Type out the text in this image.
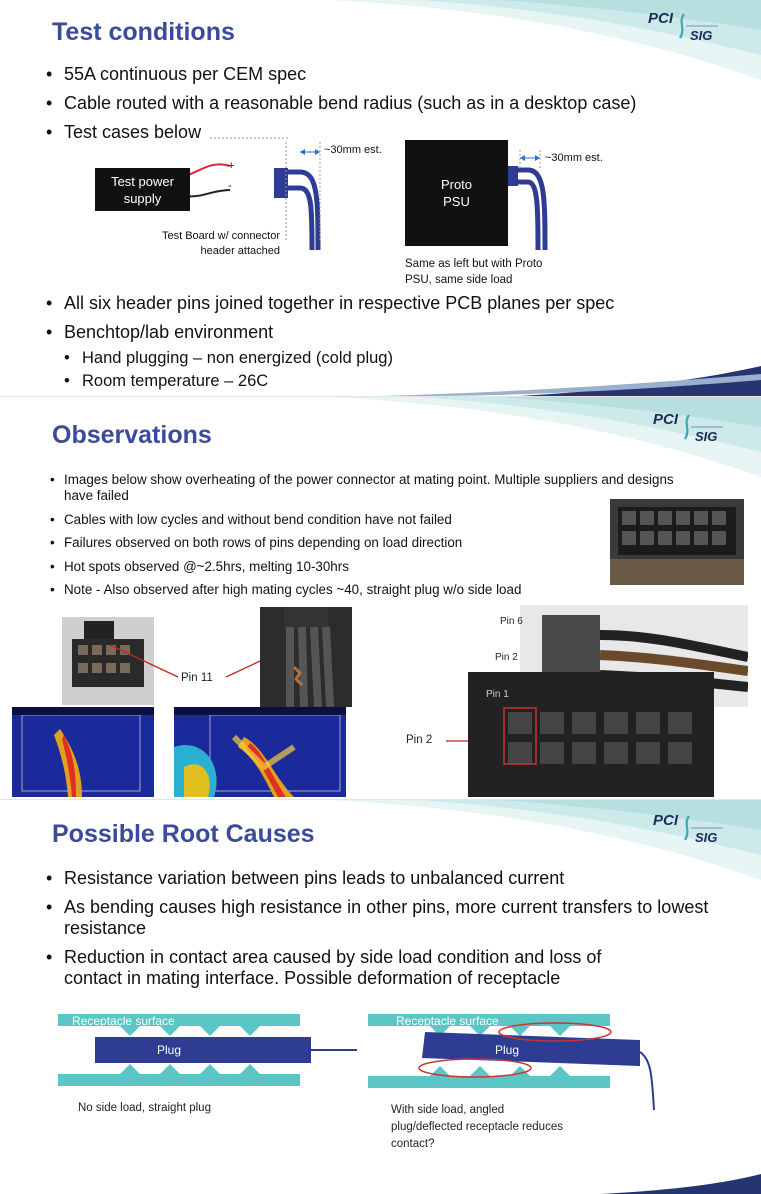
Test conditions	PCI
SIG
• 55A continuous per CEM spec
• Cable routed with a reasonable bend radius (such as in a desktop case)
• Test cases below
Test power
supply
+
-
~30mm est.
Test Board w/ connector
header attached
Proto
PSU
~30mm est.
Same as left but with Proto
PSU, same side load
• All six header pins joined together in respective PCB planes per spec
• Benchtop/lab environment
• Hand plugging – non energized (cold plug)
• Room temperature – 26C
Observations
PCI
SIG
• Images below show overheating of the power connector at mating point. Multiple suppliers and designs have failed
• Cables with low cycles and without bend condition have not failed
• Failures observed on both rows of pins depending on load direction
• Hot spots observed @~2.5hrs, melting 10-30hrs
• Note - Also observed after high mating cycles ~40, straight plug w/o side load
Pin 11
Pin 6
Pin 2
Pin 1
Pin 2
Possible Root Causes	PCI
SIG
• Resistance variation between pins leads to unbalanced current
• As bending causes high resistance in other pins, more current transfers to lowest resistance
• Reduction in contact area caused by side load condition and loss of contact in mating interface. Possible deformation of receptacle
Receptacle surface
Plug
Receptacle surface
Plug
No side load, straight plug	With side load, angled
plug/deflected receptacle reduces
contact?
